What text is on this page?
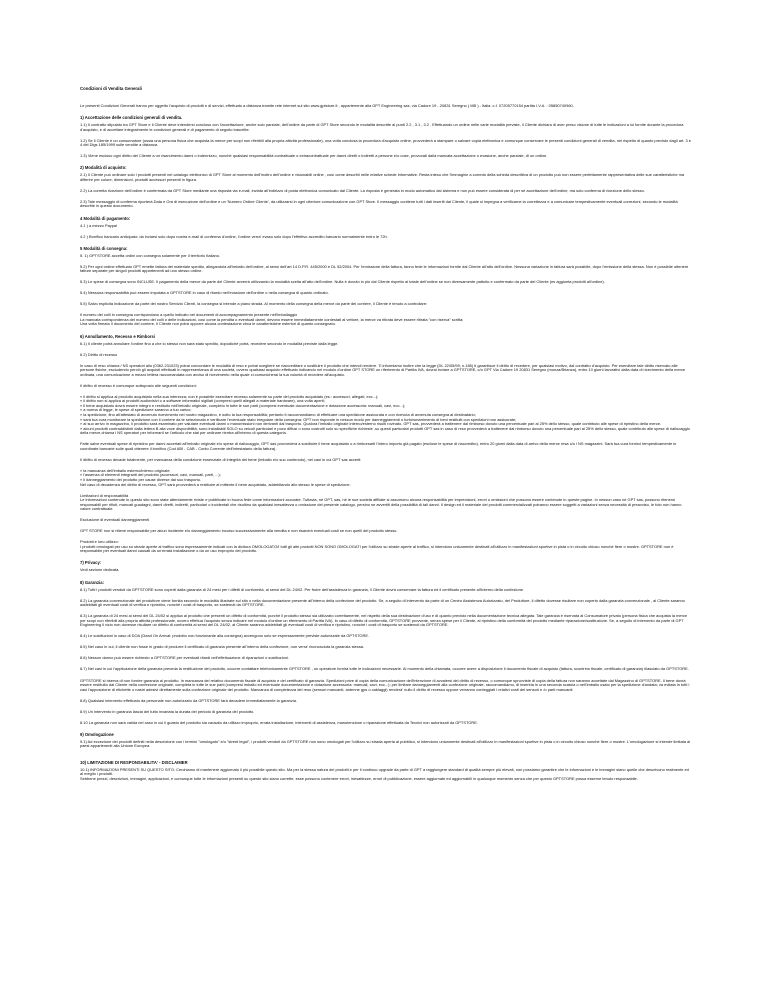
Condizioni di Vendita Generali
Le presenti Condizioni Generali hanno per oggetto l'acquisto di prodotti e di servizi, effettuato a distanza tramite rete internet sul sito www.gptstore.it , appartenente alla GPT Engineering sas, via Cadore 19 - 20831 Seregno ( MB ) - Italia. c.f. 07205770154 partita I.V.A. : 05850740960.
1) Accettazione delle condizioni generali di vendita.
1.1) Il contratto stipulato tra GPT Store e il Cliente deve intendersi concluso con l'accettazione, anche solo parziale, dell'ordine da parte di GPT Store secondo le modalità descritte ai punti 2.2 , 3.1 , 3.2 . Effettuando un ordine nelle varie modalità previste, il Cliente dichiara di aver preso visione di tutte le indicazioni a lui fornite durante la procedura d'acquisto, e di accettare integralmente le condizioni generali e di pagamento di seguito trascritte.
1.2) Se il Cliente è un consumatore (ossia una persona fisica che acquista la merce per scopi non riferibili alla propria attività professionale), una volta conclusa la procedura d'acquisto online, provvederà a stampare o salvare copia elettronica e comunque conservare le presenti condizioni generali di vendita, nel rispetto di quanto previsto dagli art. 3 e 4 del Dlgs 185/1999 sulle vendite a distanza.
1.3) Viene escluso ogni diritto del Cliente a un risarcimento danni o indennizzo, nonché qualsiasi responsabilità contrattuale o extracontrattuale per danni diretti o indiretti a persone e/o cose, provocati dalla mancata accettazione o evasione, anche parziale, di un ordine.
2) Modalità di acquisto:
2.1) Il Cliente può ordinare solo i prodotti presenti nel catalogo elettronico di GPT Store al momento dell'inoltro dell'ordine e visionabili online , così come descritti nelle relative schede informative. Resta inteso che l'immagine a corredo della scheda descrittiva di un prodotto può non essere perfettamente rappresentativa delle sue caratteristiche ma differire per colore, dimensioni, prodotti accessori presenti in figura.
2.2) La corretta ricezione dell'ordine è confermata da GPT Store mediante una risposta via e-mail, inviata all'indirizzo di posta elettronica comunicato dal Cliente. La risposta è generata in modo automatico dal sistema e non può essere considerata di per sé accettazione dell'ordine, ma solo conferma di ricezione dello stesso.
2.3) Tale messaggio di conferma riporterà Data e Ora di esecuzione dell'ordine e un 'Numero Ordine Cliente', da utilizzarsi in ogni ulteriore comunicazione con GPT Store. Il messaggio contiene tutti i dati inseriti dal Cliente, il quale si impegna a verificarne la correttezza e a comunicare tempestivamente eventuali correzioni, secondo le modalità descritte in questo documento.
4 Modalità di pagamento:
4.1 ) a mezzo Paypal
4.2 ) Bonifico bancario anticipato: da inviarsi solo dopo nostra e-mail di conferma d'ordine, l'ordine verra' evaso solo dopo l'effettivo accredito bancario normalmente entro le 72h.
5 Modalità di consegna:
5. 1) GPTSTORE accetta ordini con consegna solamente per il territorio Italiano.
5.2) Per ogni ordine effettuato GPT emette fattura del materiale spedito, allegandola all'imballo dell'ordine, ai sensi dell'art 14 D.P.R. 445/2000 e DL 52/2004. Per l'emissione della fattura, fanno fede le informazioni fornite dal Cliente all'atto dell'ordine. Nessuna variazione in fattura sarà possibile, dopo l'emissione della stessa. Non è possibile ottenere fatture separate per singoli prodotti appartenenti ad uno stesso ordine.
5.3) Le spese di consegna sono INCLUSE. Il pagamento della merce da parte del Cliente avverrà utilizzando la modalità scelta all'atto dell'ordine. Nulla è dovuto in più dal Cliente rispetto al totale dell'ordine se non diversamente pattuito e confermato da parte del Cliente (es aggiunta prodotti all'ordine).
5.4) Nessuna responsabilità può essere imputata a GPTSTORE in caso di ritardo nell'evasione dell'ordine o nella consegna di quanto ordinato.
5.5) Salvo esplicita indicazione da parte del nostro Servizio Clienti, la consegna si intende a piano strada. Al momento della consegna della merce da parte del corriere, il Cliente è tenuto a controllare:
Il numero dei colli in consegna corrispondano a quello indicato nei documenti di accompagnamento presente nell'imballaggio
La mancata corrispondenza del numero dei colli o delle indicazioni, così come la pendita o eventuali danni, devono essere immediatamente contestati al vettore, la merce va ritirata deve essere ritirata "con riserva" scritta;
Una volta firmato il documento del corriere, il Cliente non potrà opporre alcuna contestazione circa le caratteristiche esteriori di quanto consegnato.
6) Annullamento, Recesso e Rimborsi
6.1) Il cliente potrà annullare l'ordine fino a che lo stesso non sarà stato spedito, dopodiché potrà, recedere secondo le modalità previste dalla legge.
6.2) Diritto di recesso
In caso di reso chiama / NS operatori allo (0362-231023) potrai concordare le modalità di reso e potrai scegliere se riaccreditare o sostituire il prodotto che intendi rendere. Ti informiamo inoltre che la legge (DL 22/05/99, n.185) ti garantisce il diritto di recedere, per qualsiasi motivo, dal contratto d'acquisto. Per esercitare tale diritto riservato alle persone fisiche, escludendo perciò gli acquisti effettuati in rappresentanza di una società, ovvero qualsiasi acquisto effettuato indicando nel modulo d'ordine GPT STORE un riferimento di Partita IVA, dovrai inviare a GPTSTORE, c/o GPT Via Cadore 19 20831 Seregno (monza/Brianza), entro 10 giorni lavorativi dalla data di ricevimento della merce ordinata, una comunicazione a mezzo lettera raccomandata con avviso di ricevimento nella quale ci comunicherai la tua volontà di recedere all'acquisto.
Il diritto di recesso è comunque sottoposto alle seguenti condizioni:
» il diritto si applica al prodotto acquistato nella sua interezza; non è possibile esercitare recesso solamente su parte del prodotto acquistato (es.: accessori, allegati, ecc...);
» il diritto non si applica ai prodotti audiovisivi o a software informatici sigillati (compresi quelli allegati a materiale hardware), una volta aperti;
» il bene acquistato dovrà essere integro e restituito nell'imballo originale, completo in tutte le sue parti (compresi eventuale documentazione e dotazione accessoria: manuali, cavi, ecc...);
» a norma di legge, le spese di spedizione saranno a tuo carico;
» la spedizione, fino all'attestato di avvenuto ricevimento nel nostro magazzino, è sotto la tua responsabilità; pertanto ti raccomandiamo di effettuare una spedizione assicurata e con ricevuta di avvenuta consegna al destinatario;
» sarà tua cura monitorare la spedizione con il corriere da te selezionato e verificare l'eventuale stato irregolare della consegna; GPT non risponde in nessun modo per danneggiamenti o furto/smarrimento di beni restituiti con spedizioni non assicurate;
» al suo arrivo in magazzino, il prodotto sarà esaminato per valutare eventuali danni o manomissioni non derivanti dal trasporto. Qualora l'imballo originale interno/esterno risulti rovinato, GPT sas, provvederà a trattenere dal rimborso dovuto una percentuale pari al 25% dello stesso, quale contributo alle spese di ripristino della merce.
» alcuni prodotti contraddistinti dalla lettera B alla voce disponibilità, sono installabili SOLO su veicoli particolari e poco diffusi o sono costruiti solo su specifiche richieste ,su questi particolari prodotti GPT sas in caso di reso provvederà a trattenere dal rimborso dovuto una percentuale pari al 25% dello stesso, quale contributo alle spese di riallocaggio della merce,chiama i NS operatori per informarti se l'articolo che stai per ordinare rientra all'interno di questa categoria.
Fatte salve eventuali spese di ripristino per danni accertati all'imballo originale e/o spese di riallocaggio, GPT sas provvederà a sostituire il bene acquistato o a rimborsarti l'intero importo già pagato (escluse le spese di riaccredito), entro 20 giorni dalla data di arrivo della merce resa c/o i NS magazzini. Sarà tua cura fornirci tempestivamente le coordinate bancarie sulle quali ottenere il bonifico (Cod ABI - CAB - Conto Corrente dell'intestatario della fattura).
Il diritto di recesso decade totalmente, per mancanza della condizione essenziale di integrità del bene (imballo e/o suo contenuto), nei casi in cui GPT sas accerti:
» la mancanza dell'imballo esterno/interno originale;
» l'assenza di elementi integranti del prodotto (accessori, cavi, manuali, parti, ...);
» il danneggiamento del prodotto per cause diverse dal suo trasporto.
Nel caso di decadenza del diritto di recesso, GPT sarà provvederà a restituire al mittente il bene acquistato, addebitando allo stesso le spese di spedizione.
Limitazioni di responsabilità
Le informazioni contenute in questo sito sono state attentamente riviste e pubblicate in buona fede come informazioni accurate. Tuttavia, né GPT, sas, né le sue società affiliate si assumono alcuna responsabilità per imprecisioni, errori o omissioni che possono essere contenute in queste pagine. In nessun caso né GPT sas, possono ritenersi responsabili per rifiuti, mancati guadagni, danni diretti, indiretti, particolari o incidentali che risultino da qualsiasi inesattezza o omissione del presente catalogo, persino se avvertiti della possibilità di tali danni. Il design ed il materiale dei prodotti commercializzati potranno essere soggetti a variazioni senza necessità di preavviso, le foto non hanno valore contrattuale.
Esclusione di eventuali danneggiamenti
GPT STORE non si ritiene responsabile per alcun incidente e/o danneggiamento incorso successivamente alla vendita e non risarcirà eventuali costi se non quelli del prodotto stesso.
Prodotti e loro utilizzo:
I prodotti omologati per uso su strade aperte al traffico sono espressamente indicati con la dicitura OMOLOGATO/I tutti gli altri prodotti NON SONO OMOLOGATI per l'utilizzo su strade aperte al traffico, si intendono unicamente destinati all'utilizzo in manifestazioni sportive in pista o in circuito chiuso nonché fiere o mostre. GPTSTORE non è responsabile per eventuali danni causati da un'errata installazione o da un uso improprio del prodotto.
7) Privacy:
Vedi sezione dedicata.
8) Garanzia:
8.1) Tutti i prodotti venduti da GPTSTORE sono coperti dalla garanzia di 24 mesi per i difetti di conformità, ai sensi del DL 24/02. Per fruire dell'assistenza in garanzia, il Cliente dovrà conservare la fattura ed il certificato presente all'interno della confezione.
8.2) La garanzia convenzionale del produttore viene fornita secondo le modalità illustrate sul sito o nella documentazione presente all'interno della confezione del prodotto. Se, a seguito di intervento da parte di un Centro Assistenza Autorizzato, del Produttore, il difetto dovesse risultare non coperto dalla garanzia convenzionale , al Cliente saranno addebitati gli eventuali costi di verifica e ripristino, nonché i costi di trasporto, se sostenuti da GPTSTORE.
8.3) La garanzia di 24 mesi ai sensi del DL 24/02 si applica al prodotto che presenti un difetto di conformità, purché il prodotto stesso sia utilizzato correttamente, nel rispetto della sua destinazione d'uso e di quanto previsto nella documentazione tecnica allegata. Tale garanzia è riservata al Consumatore privato (persona fisica che acquista la merce per scopi non riferibili alla propria attività professionale, ovvero effettua l'acquisto senza indicare nel modulo d'ordine un riferimento di Partita IVA). In caso di difetto di conformità, GPTSTORE provvede, senza spese per il Cliente, al ripristino della conformità del prodotto mediante riparazione/sostituzione. Se, a seguito di intervento da parte di GPT Engineering il vizio non dovesse risultare un difetto di conformità ai sensi del DL 24/02, al Cliente saranno addebitati gli eventuali costi di verifica e ripristino, nonché i costi di trasporto se sostenuti da GPTSTORE.
8.4) Le sostituzioni in caso di DOA (Dead On Arrival: prodotto non funzionante alla consegna) avvengono solo se espressamente previste autorizzate da GPTSTORE.
8.5) Nel caso in cui, il cliente non fosse in grado di produrre il certificato di garanzia presente all'interno della confezione, non verra' riconosciuta la garanzia stessa.
8.6) Nessun danno può essere richiesto a GPTSTORE per eventuali ritardi nell'effettuazione di riparazioni o sostituzioni.
8.7) Nei casi in cui l'applicazione della garanzia preveda la restituzione del prodotto, occorre contattare telefonicamente GPTSTORE , un operatore fornirà tutte le indicazioni necessarie. Al momento della chiamata, occorre avere a disposizione il documento fiscale di acquisto (fattura, scontrino fiscale, certificato di garanzia) rilasciato da GPTSTORE.
GPTSTORE si riserva di non fornire garanzia al prodotto. In mancanza del relativo documento fiscale di acquisto e del certificato di garanzia. Spedizioni prive di copia della comunicazione dell'intenzione di avvalersi del diritto di recesso, o comunque sprovviste di copia della fattura non saranno accettate dal Magazzino di GPTSTORE. Il bene dovrà essere restituito dal Cliente nella confezione originale, completa in tutte le sue parti (compresi imballo ed eventuale documentazione e dotazione accessoria: manuali, cavi, ecc...); per limitare danneggiamenti alla confezione originale, raccomandiamo, di inserirla in una seconda scatola o nell'imballo usato per la spedizione d'andata; va evitata in tutti i casi l'apposizione di etichette o nastri adesivi direttamente sulla confezione originale del prodotto. Mancanza di completezza del reso (sensori mancanti, antenne gps o cablaggi) renderà' nullo il diritto di recesso oppure verranno conteggiati i relativi costi dei sensori e /o parti mancanti.
8.8) Qualsiasi intervento effettuato da personale non autorizzato da GPTSTORE farà decadere immediatamente la garanzia.
8.9) Un intervento in garanzia lascia del tutto invariata la durata del periodo di garanzia del prodotto.
8.10 La garanzia non sarà valida nel caso in cui il guasto del prodotto sia causato da utilizzo improprio, errata installazione, interventi di assistenza, manutenzione o riparazione effettuata da Tecnici non autorizzati da GPTSTORE.
9) Omologazione
9.1) Ad eccezione dei prodotti definiti nella descrizione con i termini "omologato" e/o "street legal", i prodotti venduti da GPTSTORE non sono omologati per l'utilizzo su strada aperta al pubblico, si intendono unicamente destinati all'utilizzo in manifestazioni sportive in pista o in circuito chiuso nonché fiere o mostre. L'omologazione si intende limitata ai paesi appartenenti alla Unione Europea.
10) LIMITAZIONE DI RESPONSABILITA' - DISCLAIMER
10.1) INFORMAZIONI PRESENTI SU QUESTO SITO: Cerchiamo di mantenere aggiornato il più possibile questo sito. Ma per la stessa natura dei prodotti e per il continuo upgrade da parte di GPT a raggiungere standard di qualità sempre più elevati, non possiamo garantire che le informazioni e le immagini siano quelle che descrivono realmente ed al meglio i prodotti.
Sebbene prezzi, descrizioni, immagini, applicazioni, e comunque tutte le informazioni presenti su questo sito siano corrette, esse possono contenere errori, inesattezze, errori di pubblicazione, essere aggiornate ed aggiornabili in qualunque momento senza che per questo GPTSTORE possa esserne tenuto responsabile.
